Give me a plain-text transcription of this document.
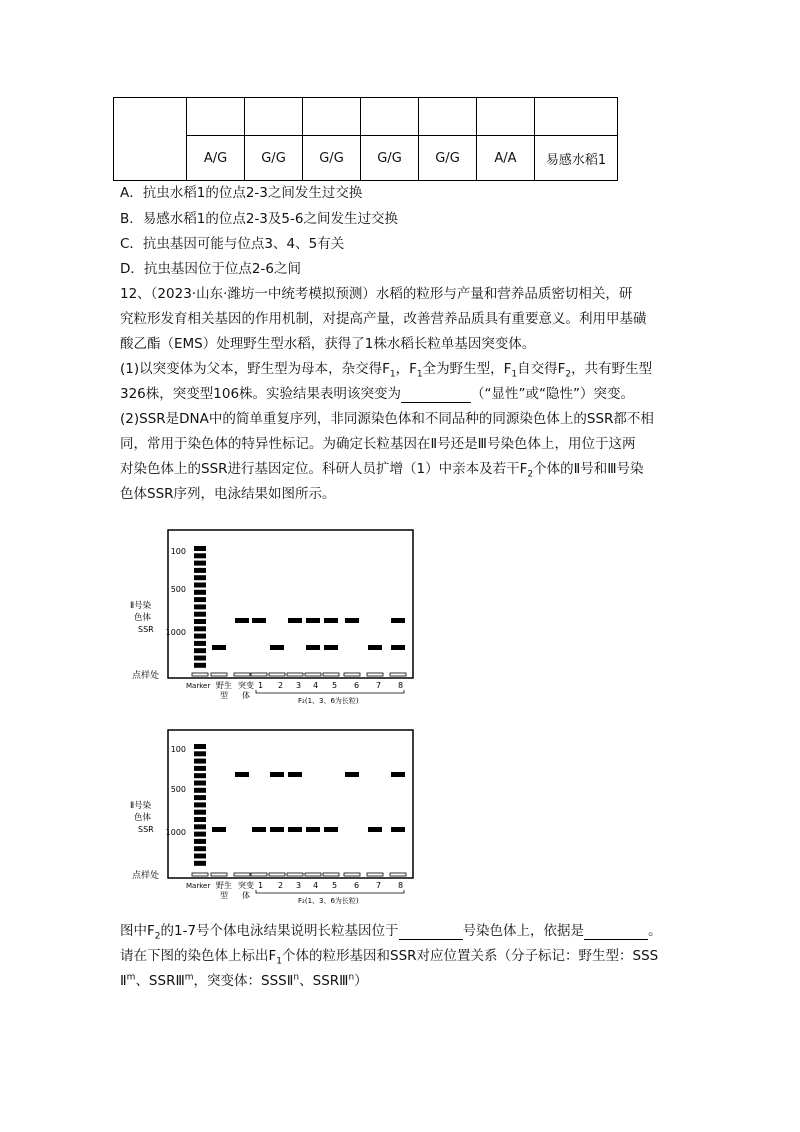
	A/G	G/G	G/G	G/G	G/G	A/A	易感水稻1
A．抗虫水稻1的位点2-3之间发生过交换
B．易感水稻1的位点2-3及5-6之间发生过交换
C．抗虫基因可能与位点3、4、5有关
D．抗虫基因位于位点2-6之间
12、（2023·山东·潍坊一中统考模拟预测）水稻的粒形与产量和营养品质密切相关，研
究粒形发育相关基因的作用机制，对提高产量，改善营养品质具有重要意义。利用甲基磺
酸乙酯（EMS）处理野生型水稻，获得了1株水稻长粒单基因突变体。
(1)以突变体为父本，野生型为母本，杂交得$F_1$，$F_1$全为野生型，$F_1$自交得$F_2$，共有野生型
326株，突变型106株。实验结果表明该突变为	（“显性”或“隐性”）突变。
(2)SSR是DNA中的简单重复序列，非同源染色体和不同品种的同源染色体上的SSR都不相
同，常用于染色体的特异性标记。为确定长粒基因在Ⅱ号还是Ⅲ号染色体上，用位于这两
对染色体上的SSR进行基因定位。科研人员扩增（1）中亲本及若干$F_2$个体的Ⅱ号和Ⅲ号染
色体SSR序列，电泳结果如图所示。
100
500
1000
Ⅱ号染
色体
SSR
点样处
Marker 野生 突变
型 体
1 2 3 4 5 6 7 8
F₂(1、3、6为长粒)
100
500
1000
Ⅱ号染
色体
SSR
点样处
Marker 野生 突变
型 体
1 2 3 4 5 6 7 8
F₂(1、3、6为长粒)
图中$F_2$的1-7号个体电泳结果说明长粒基因位于	号染色体上，依据是	。
请在下图的染色体上标出$F_1$个体的粒形基因和SSR对应位置关系（分子标记：野生型：SSS
Ⅱ$^m$、SSRⅢ$^m$，突变体：SSSⅡ$^n$、SSRⅢ$^n$）
